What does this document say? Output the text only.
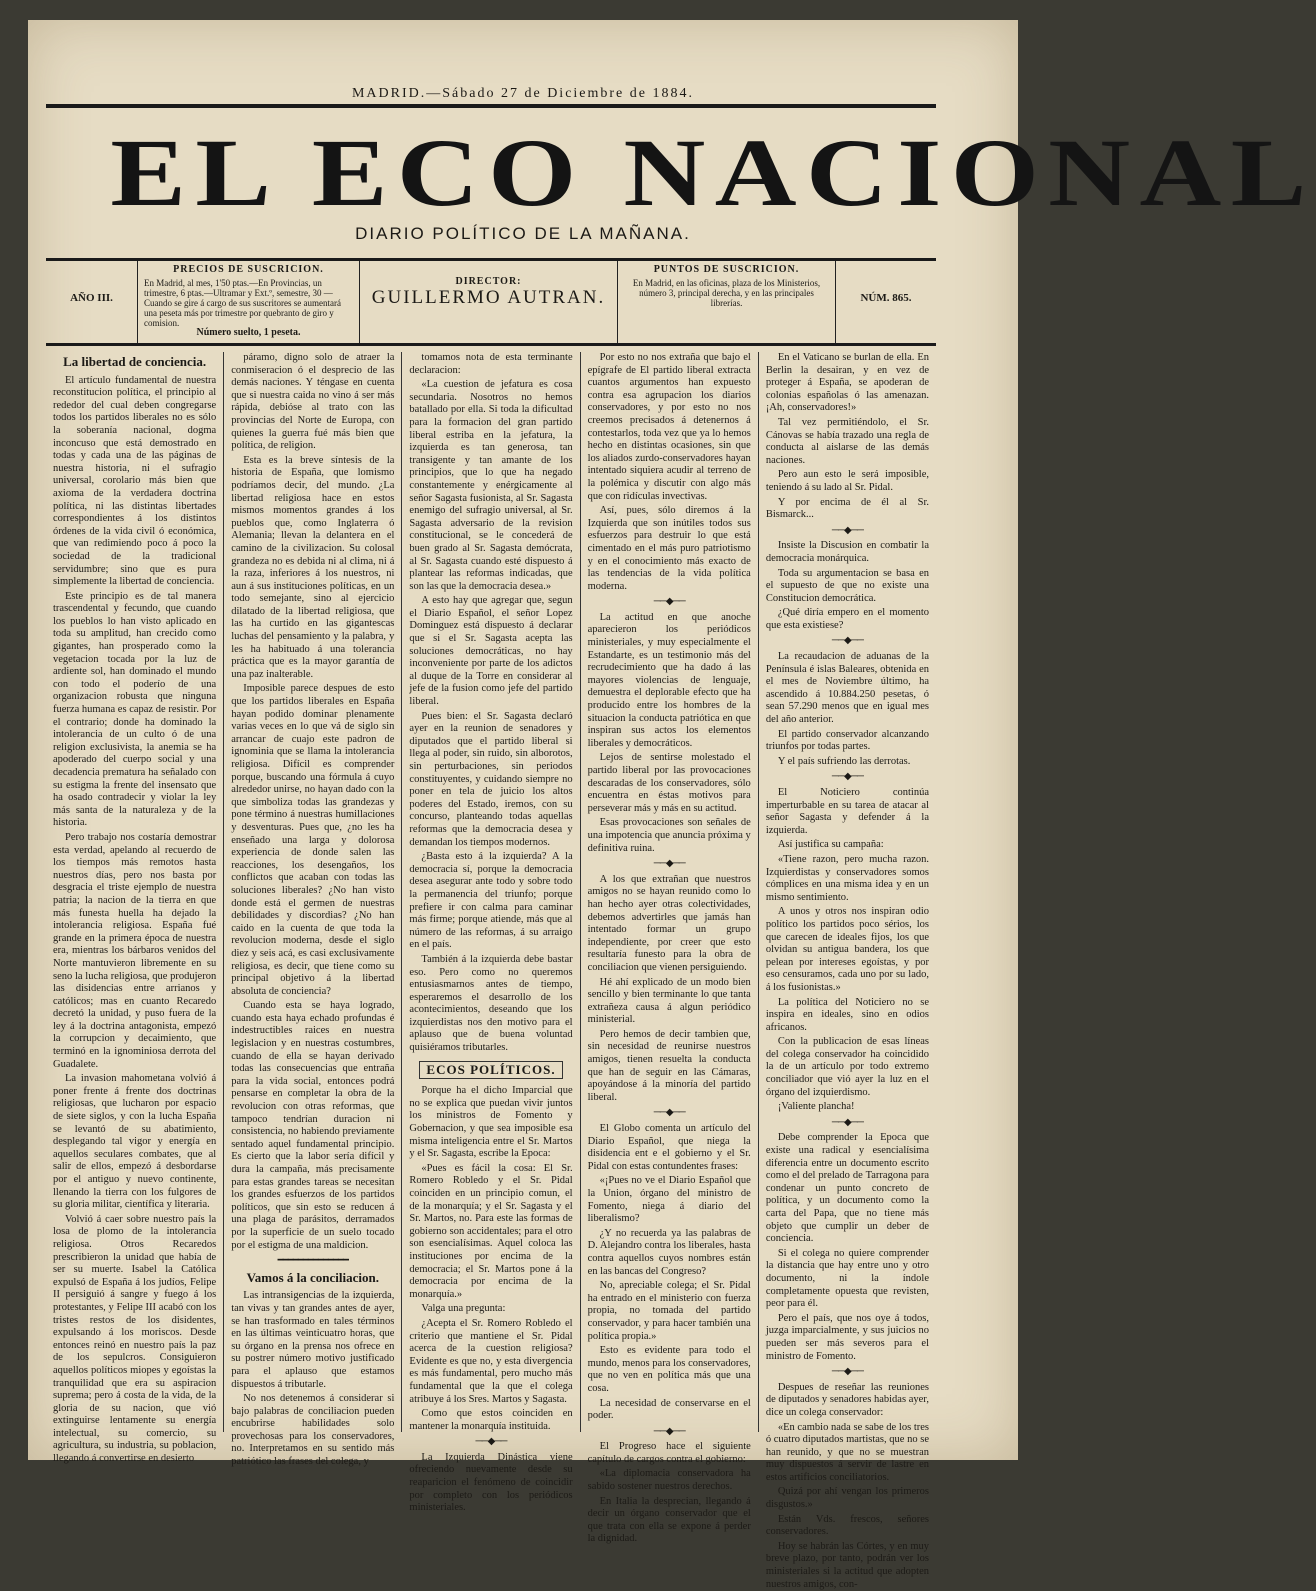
MADRID.—Sábado 27 de Diciembre de 1884.
EL ECO NACIONAL
DIARIO POLÍTICO DE LA MAÑANA.
AÑO III.
PRECIOS DE SUSCRICION.
En Madrid, al mes, 1'50 ptas.—En Provincias, un trimestre, 6 ptas.—Ultramar y Ext.º, semestre, 30 —Cuando se gire á cargo de sus suscritores se aumentará una peseta más por trimestre por quebranto de giro y comision.
Número suelto, 1 peseta.
DIRECTOR:
GUILLERMO AUTRAN.
PUNTOS DE SUSCRICION.
En Madrid, en las oficinas, plaza de los Ministerios, número 3, principal derecha, y en las principales librerías.	NÚM. 865.
La libertad de conciencia.

El artículo fundamental de nuestra reconstitucion política, el principio al rededor del cual deben congregarse todos los partidos liberales no es sólo la soberanía nacional, dogma inconcuso que está demostrado en todas y cada una de las páginas de nuestra historia, ni el sufragio universal, corolario más bien que axioma de la verdadera doctrina política, ni las distintas libertades correspondientes á los distintos órdenes de la vida civil ó económica, que van redimiendo poco á poco la sociedad de la tradicional servidumbre; sino que es pura simplemente la libertad de conciencia.

Este principio es de tal manera trascendental y fecundo, que cuando los pueblos lo han visto aplicado en toda su amplitud, han crecido como gigantes, han prosperado como la vegetacion tocada por la luz de ardiente sol, han dominado el mundo con todo el poderío de una organizacion robusta que ninguna fuerza humana es capaz de resistir. Por el contrario; donde ha dominado la intolerancia de un culto ó de una religion exclusivista, la anemia se ha apoderado del cuerpo social y una decadencia prematura ha señalado con su estigma la frente del insensato que ha osado contradecir y violar la ley más santa de la naturaleza y de la historia.

Pero trabajo nos costaría demostrar esta verdad, apelando al recuerdo de los tiempos más remotos hasta nuestros días, pero nos basta por desgracia el triste ejemplo de nuestra patria; la nacion de la tierra en que más funesta huella ha dejado la intolerancia religiosa. España fué grande en la primera época de nuestra era, mientras los bárbaros venidos del Norte mantuvieron libremente en su seno la lucha religiosa, que produjeron las disidencias entre arrianos y católicos; mas en cuanto Recaredo decretó la unidad, y puso fuera de la ley á la doctrina antagonista, empezó la corrupcion y decaimiento, que terminó en la ignominiosa derrota del Guadalete.

La invasion mahometana volvió á poner frente á frente dos doctrinas religiosas, que lucharon por espacio de siete siglos, y con la lucha España se levantó de su abatimiento, desplegando tal vigor y energía en aquellos seculares combates, que al salir de ellos, empezó á desbordarse por el antiguo y nuevo continente, llenando la tierra con los fulgores de su gloria militar, científica y literaria.

Volvió á caer sobre nuestro país la losa de plomo de la intolerancia religiosa. Otros Recaredos prescribieron la unidad que había de ser su muerte. Isabel la Católica expulsó de España á los judíos, Felipe II persiguió á sangre y fuego á los protestantes, y Felipe III acabó con los tristes restos de los disidentes, expulsando á los moriscos. Desde entonces reinó en nuestro país la paz de los sepulcros. Consiguieron aquellos políticos miopes y egoístas la tranquilidad que era su aspiracion suprema; pero á costa de la vida, de la gloria de su nacion, que vió extinguirse lentamente su energía intelectual, su comercio, su agricultura, su industria, su poblacion, llegando á convertirse en desierto

páramo, digno solo de atraer la conmiseracion ó el desprecio de las demás naciones. Y téngase en cuenta que si nuestra caida no vino á ser más rápida, debióse al trato con las provincias del Norte de Europa, con quienes la guerra fué más bien que política, de religion.

Esta es la breve síntesis de la historia de España, que lomismo podríamos decir, del mundo. ¿La libertad religiosa hace en estos mismos momentos grandes á los pueblos que, como Inglaterra ó Alemania; llevan la delantera en el camino de la civilizacion. Su colosal grandeza no es debida ni al clima, ni á la raza, inferiores á los nuestros, ni aun á sus instituciones políticas, en un todo semejante, sino al ejercicio dilatado de la libertad religiosa, que las ha curtido en las gigantescas luchas del pensamiento y la palabra, y les ha habituado á una tolerancia práctica que es la mayor garantía de una paz inalterable.

Imposible parece despues de esto que los partidos liberales en España hayan podido dominar plenamente varias veces en lo que vá de siglo sin arrancar de cuajo este padron de ignominia que se llama la intolerancia religiosa. Difícil es comprender porque, buscando una fórmula á cuyo alrededor unirse, no hayan dado con la que simboliza todas las grandezas y pone término á nuestras humillaciones y desventuras. Pues que, ¿no les ha enseñado una larga y dolorosa experiencia de donde salen las reacciones, los desengaños, los conflictos que acaban con todas las soluciones liberales? ¿No han visto donde está el germen de nuestras debilidades y discordias? ¿No han caido en la cuenta de que toda la revolucion moderna, desde el siglo diez y seis acá, es casi exclusivamente religiosa, es decir, que tiene como su principal objetivo á la libertad absoluta de conciencia?

Cuando esta se haya logrado, cuando esta haya echado profundas é indestructibles raices en nuestra legislacion y en nuestras costumbres, cuando de ella se hayan derivado todas las consecuencias que entraña para la vida social, entonces podrá pensarse en completar la obra de la revolucion con otras reformas, que tampoco tendrían duracion ni consistencia, no habiendo previamente sentado aquel fundamental principio. Es cierto que la labor sería difícil y dura la campaña, más precisamente para estas grandes tareas se necesitan los grandes esfuerzos de los partidos políticos, que sin esto se reducen á una plaga de parásitos, derramados por la superficie de un suelo tocado por el estigma de una maldicion.

━━━━━━━━━━━━━━
Vamos á la conciliacion.

Las intransigencias de la izquierda, tan vivas y tan grandes antes de ayer, se han trasformado en tales términos en las últimas veinticuatro horas, que su órgano en la prensa nos ofrece en su postrer número motivo justificado para el aplauso que estamos dispuestos á tributarle.

No nos detenemos á considerar si bajo palabras de conciliacion pueden encubrirse habilidades solo provechosas para los conservadores, no. Interpretamos en su sentido más patriótico las frases del colega, y

tomamos nota de esta terminante declaracion:

«La cuestion de jefatura es cosa secundaria. Nosotros no hemos batallado por ella. Si toda la dificultad para la formacion del gran partido liberal estriba en la jefatura, la izquierda es tan generosa, tan transigente y tan amante de los principios, que lo que ha negado constantemente y enérgicamente al señor Sagasta fusionista, al Sr. Sagasta enemigo del sufragio universal, al Sr. Sagasta adversario de la revision constitucional, se le concederá de buen grado al Sr. Sagasta demócrata, al Sr. Sagasta cuando esté dispuesto á plantear las reformas indicadas, que son las que la democracia desea.»

A esto hay que agregar que, segun el Diario Español, el señor Lopez Dominguez está dispuesto á declarar que si el Sr. Sagasta acepta las soluciones democráticas, no hay inconveniente por parte de los adictos al duque de la Torre en considerar al jefe de la fusion como jefe del partido liberal.

Pues bien: el Sr. Sagasta declaró ayer en la reunion de senadores y diputados que el partido liberal si llega al poder, sin ruido, sin alborotos, sin perturbaciones, sin periodos constituyentes, y cuidando siempre no poner en tela de juicio los altos poderes del Estado, iremos, con su concurso, planteando todas aquellas reformas que la democracia desea y demandan los tiempos modernos.

¿Basta esto á la izquierda? A la democracia sí, porque la democracia desea asegurar ante todo y sobre todo la permanencia del triunfo; porque prefiere ir con calma para caminar más firme; porque atiende, más que al número de las reformas, á su arraigo en el país.

También á la izquierda debe bastar eso. Pero como no queremos entusiasmarnos antes de tiempo, esperaremos el desarrollo de los acontecimientos, deseando que los izquierdistas nos den motivo para el aplauso que de buena voluntad quisiéramos tributarles.

ECOS POLÍTICOS.

Porque ha el dicho Imparcial que no se explica que puedan vivir juntos los ministros de Fomento y Gobernacion, y que sea imposible esa misma inteligencia entre el Sr. Martos y el Sr. Sagasta, escribe la Epoca:

«Pues es fácil la cosa: El Sr. Romero Robledo y el Sr. Pidal coinciden en un principio comun, el de la monarquía; y el Sr. Sagasta y el Sr. Martos, no. Para este las formas de gobierno son accidentales; para el otro son esencialísimas. Aquel coloca las instituciones por encima de la democracia; el Sr. Martos pone á la democracia por encima de la monarquía.»

Valga una pregunta:

¿Acepta el Sr. Romero Robledo el criterio que mantiene el Sr. Pidal acerca de la cuestion religiosa? Evidente es que no, y esta divergencia es más fundamental, pero mucho más fundamental que la que el colega atribuye á los Sres. Martos y Sagasta.

Como que estos coinciden en mantener la monarquía instituida.

──◆──

La Izquierda Dinástica viene ofreciendo nuevamente desde su reaparicion el fenómeno de coincidir por completo con los periódicos ministeriales.

Por esto no nos extraña que bajo el epígrafe de El partido liberal extracta cuantos argumentos han expuesto contra esa agrupacion los diarios conservadores, y por esto no nos creemos precisados á detenernos á contestarlos, toda vez que ya lo hemos hecho en distintas ocasiones, sin que los aliados zurdo-conservadores hayan intentado siquiera acudir al terreno de la polémica y discutir con algo más que con ridículas invectivas.

Así, pues, sólo diremos á la Izquierda que son inútiles todos sus esfuerzos para destruir lo que está cimentado en el más puro patriotismo y en el conocimiento más exacto de las tendencias de la vida política moderna.

──◆──

La actitud en que anoche aparecieron los periódicos ministeriales, y muy especialmente el Estandarte, es un testimonio más del recrudecimiento que ha dado á las mayores violencias de lenguaje, demuestra el deplorable efecto que ha producido entre los hombres de la situacion la conducta patriótica en que inspiran sus actos los elementos liberales y democráticos.

Lejos de sentirse molestado el partido liberal por las provocaciones descaradas de los conservadores, sólo encuentra en éstas motivos para perseverar más y más en su actitud.

Esas provocaciones son señales de una impotencia que anuncia próxima y definitiva ruina.

──◆──

A los que extrañan que nuestros amigos no se hayan reunido como lo han hecho ayer otras colectividades, debemos advertirles que jamás han intentado formar un grupo independiente, por creer que esto resultaría funesto para la obra de conciliacion que vienen persiguiendo.

Hé ahí explicado de un modo bien sencillo y bien terminante lo que tanta extrañeza causa á algun periódico ministerial.

Pero hemos de decir tambien que, sin necesidad de reunirse nuestros amigos, tienen resuelta la conducta que han de seguir en las Cámaras, apoyándose á la minoría del partido liberal.

──◆──

El Globo comenta un artículo del Diario Español, que niega la disidencia ent e el gobierno y el Sr. Pidal con estas contundentes frases:

«¡Pues no ve el Diario Español que la Union, órgano del ministro de Fomento, niega á diario del liberalismo?

¿Y no recuerda ya las palabras de D. Alejandro contra los liberales, hasta contra aquellos cuyos nombres están en las bancas del Congreso?

No, apreciable colega; el Sr. Pidal ha entrado en el ministerio con fuerza propia, no tomada del partido conservador, y para hacer también una política propia.»

Esto es evidente para todo el mundo, menos para los conservadores, que no ven en política más que una cosa.

La necesidad de conservarse en el poder.

──◆──

El Progreso hace el siguiente capítulo de cargos contra el gobierno:

«La diplomacia conservadora ha sabido sostener nuestros derechos.

En Italia la desprecian, llegando á decir un órgano conservador que el que trata con ella se expone á perder la dignidad.

En el Vaticano se burlan de ella. En Berlin la desairan, y en vez de proteger á España, se apoderan de colonias españolas ó las amenazan. ¡Ah, conservadores!»

Tal vez permitiéndolo, el Sr. Cánovas se había trazado una regla de conducta al aislarse de las demás naciones.

Pero aun esto le será imposible, teniendo á su lado al Sr. Pidal.

Y por encima de él al Sr. Bismarck...

──◆──

Insiste la Discusion en combatir la democracia monárquica.

Toda su argumentacion se basa en el supuesto de que no existe una Constitucion democrática.

¿Qué diría empero en el momento que esta existiese?

──◆──

La recaudacion de aduanas de la Península é islas Baleares, obtenida en el mes de Noviembre último, ha ascendido á 10.884.250 pesetas, ó sean 57.290 menos que en igual mes del año anterior.

El partido conservador alcanzando triunfos por todas partes.

Y el país sufriendo las derrotas.

──◆──

El Noticiero continúa imperturbable en su tarea de atacar al señor Sagasta y defender á la izquierda.

Así justifica su campaña:

«Tiene razon, pero mucha razon. Izquierdistas y conservadores somos cómplices en una misma idea y en un mismo sentimiento.

A unos y otros nos inspiran odio político los partidos poco sérios, los que carecen de ideales fijos, los que olvidan su antigua bandera, los que pelean por intereses egoístas, y por eso censuramos, cada uno por su lado, á los fusionistas.»

La política del Noticiero no se inspira en ideales, sino en odios africanos.

Con la publicacion de esas líneas del colega conservador ha coincidido la de un artículo por todo extremo conciliador que vió ayer la luz en el órgano del izquierdismo.

¡Valiente plancha!

──◆──

Debe comprender la Epoca que existe una radical y esencialísima diferencia entre un documento escrito como el del prelado de Tarragona para condenar un punto concreto de política, y un documento como la carta del Papa, que no tiene más objeto que cumplir un deber de conciencia.

Si el colega no quiere comprender la distancia que hay entre uno y otro documento, ni la índole completamente opuesta que revisten, peor para él.

Pero el país, que nos oye á todos, juzga imparcialmente, y sus juicios no pueden ser más severos para el ministro de Fomento.

──◆──

Despues de reseñar las reuniones de diputados y senadores habidas ayer, dice un colega conservador:

«En cambio nada se sabe de los tres ó cuatro diputados martistas, que no se han reunido, y que no se muestran muy dispuestos á servir de lastre en estos artificios conciliatorios.

Quizá por ahí vengan los primeros disgustos.»

Están Vds. frescos, señores conservadores.

Hoy se habrán las Córtes, y en muy breve plazo, por tanto, podrán ver los ministeriales si la actitud que adopten nuestros amigos, con-
